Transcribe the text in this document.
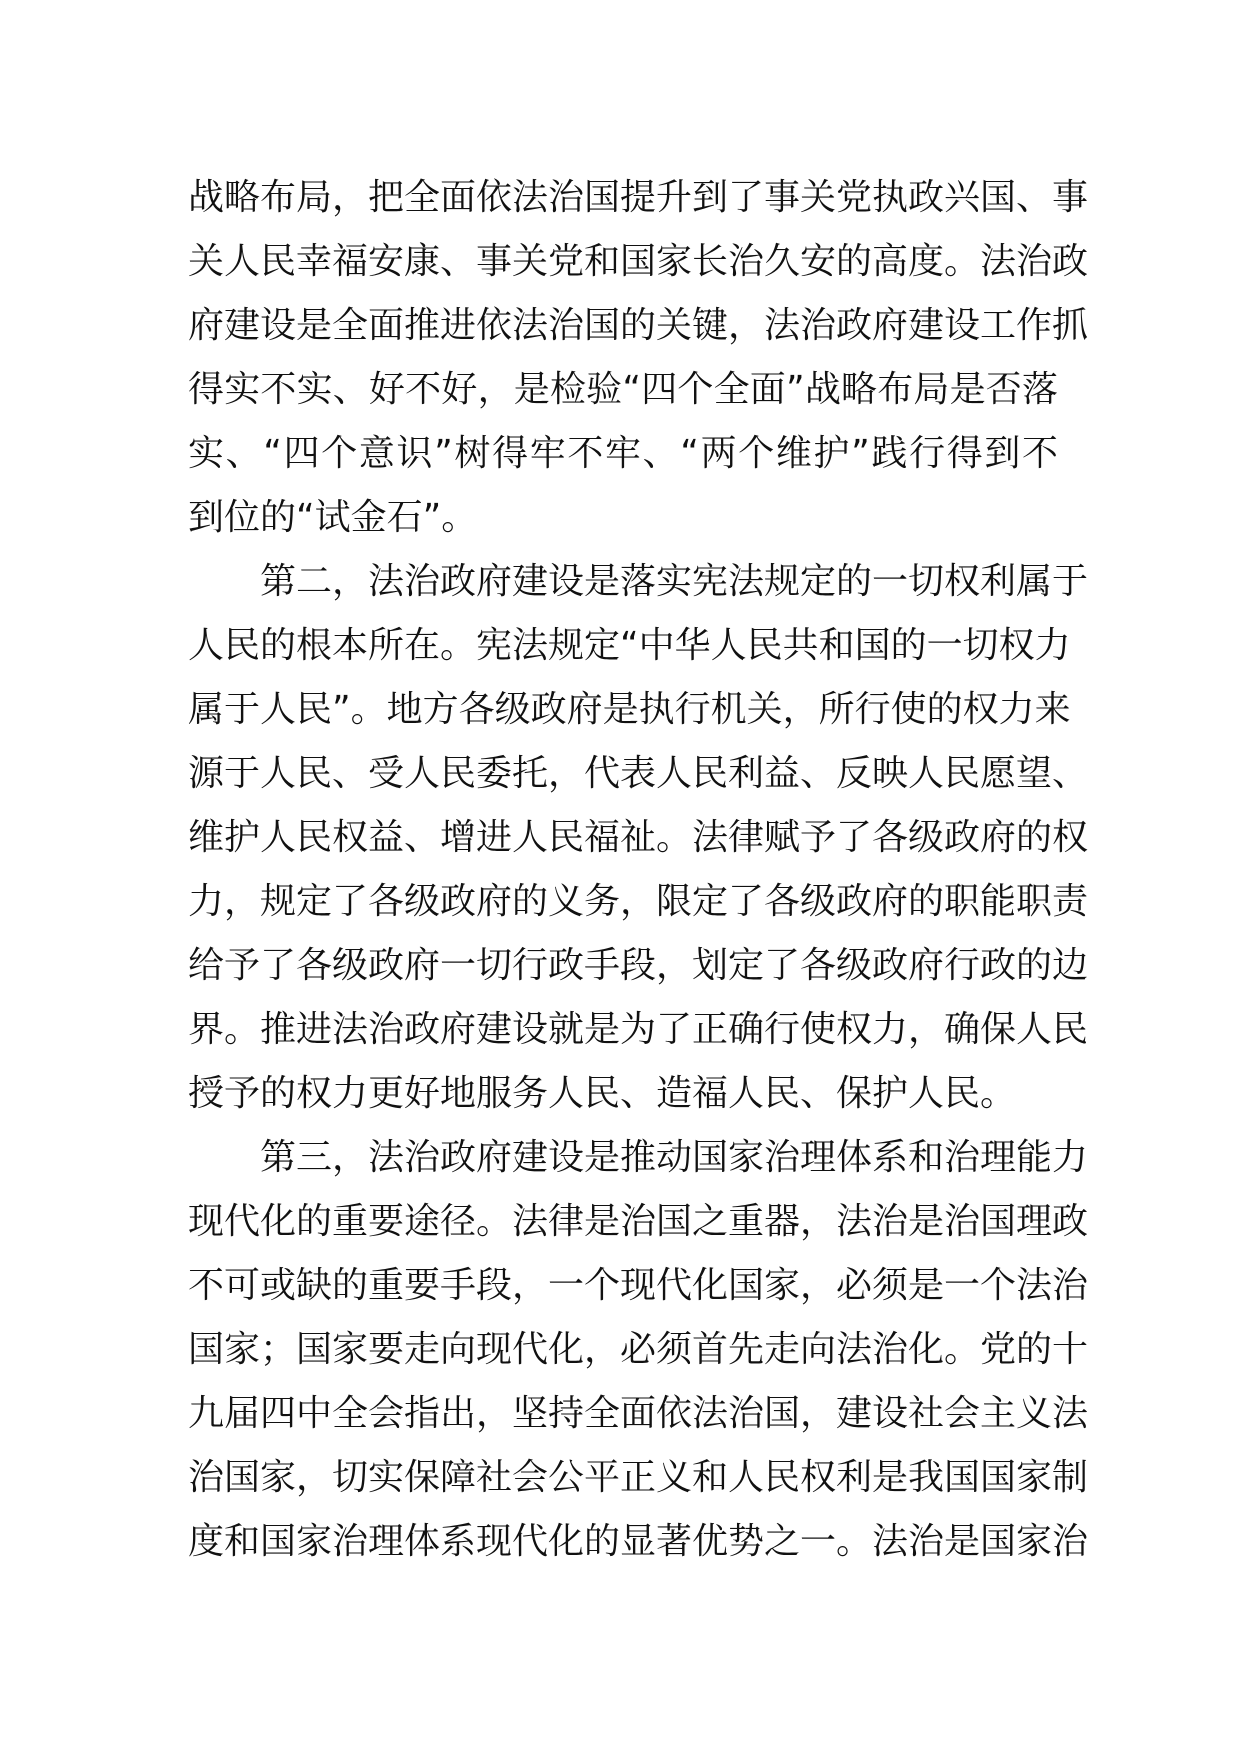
战略布局，把全面依法治国提升到了事关党执政兴国、事
关人民幸福安康、事关党和国家长治久安的高度。法治政
府建设是全面推进依法治国的关键，法治政府建设工作抓
得实不实、好不好，是检验“四个全面”战略布局是否落
实、“四个意识”树得牢不牢、“两个维护”践行得到不
到位的“试金石”。
第二，法治政府建设是落实宪法规定的一切权利属于
人民的根本所在。宪法规定“中华人民共和国的一切权力
属于人民”。地方各级政府是执行机关，所行使的权力来
源于人民、受人民委托，代表人民利益、反映人民愿望、
维护人民权益、增进人民福祉。法律赋予了各级政府的权
力，规定了各级政府的义务，限定了各级政府的职能职责
给予了各级政府一切行政手段，划定了各级政府行政的边
界。推进法治政府建设就是为了正确行使权力，确保人民
授予的权力更好地服务人民、造福人民、保护人民。
第三，法治政府建设是推动国家治理体系和治理能力
现代化的重要途径。法律是治国之重器，法治是治国理政
不可或缺的重要手段，一个现代化国家，必须是一个法治
国家；国家要走向现代化，必须首先走向法治化。党的十
九届四中全会指出，坚持全面依法治国，建设社会主义法
治国家，切实保障社会公平正义和人民权利是我国国家制
度和国家治理体系现代化的显著优势之一。法治是国家治
